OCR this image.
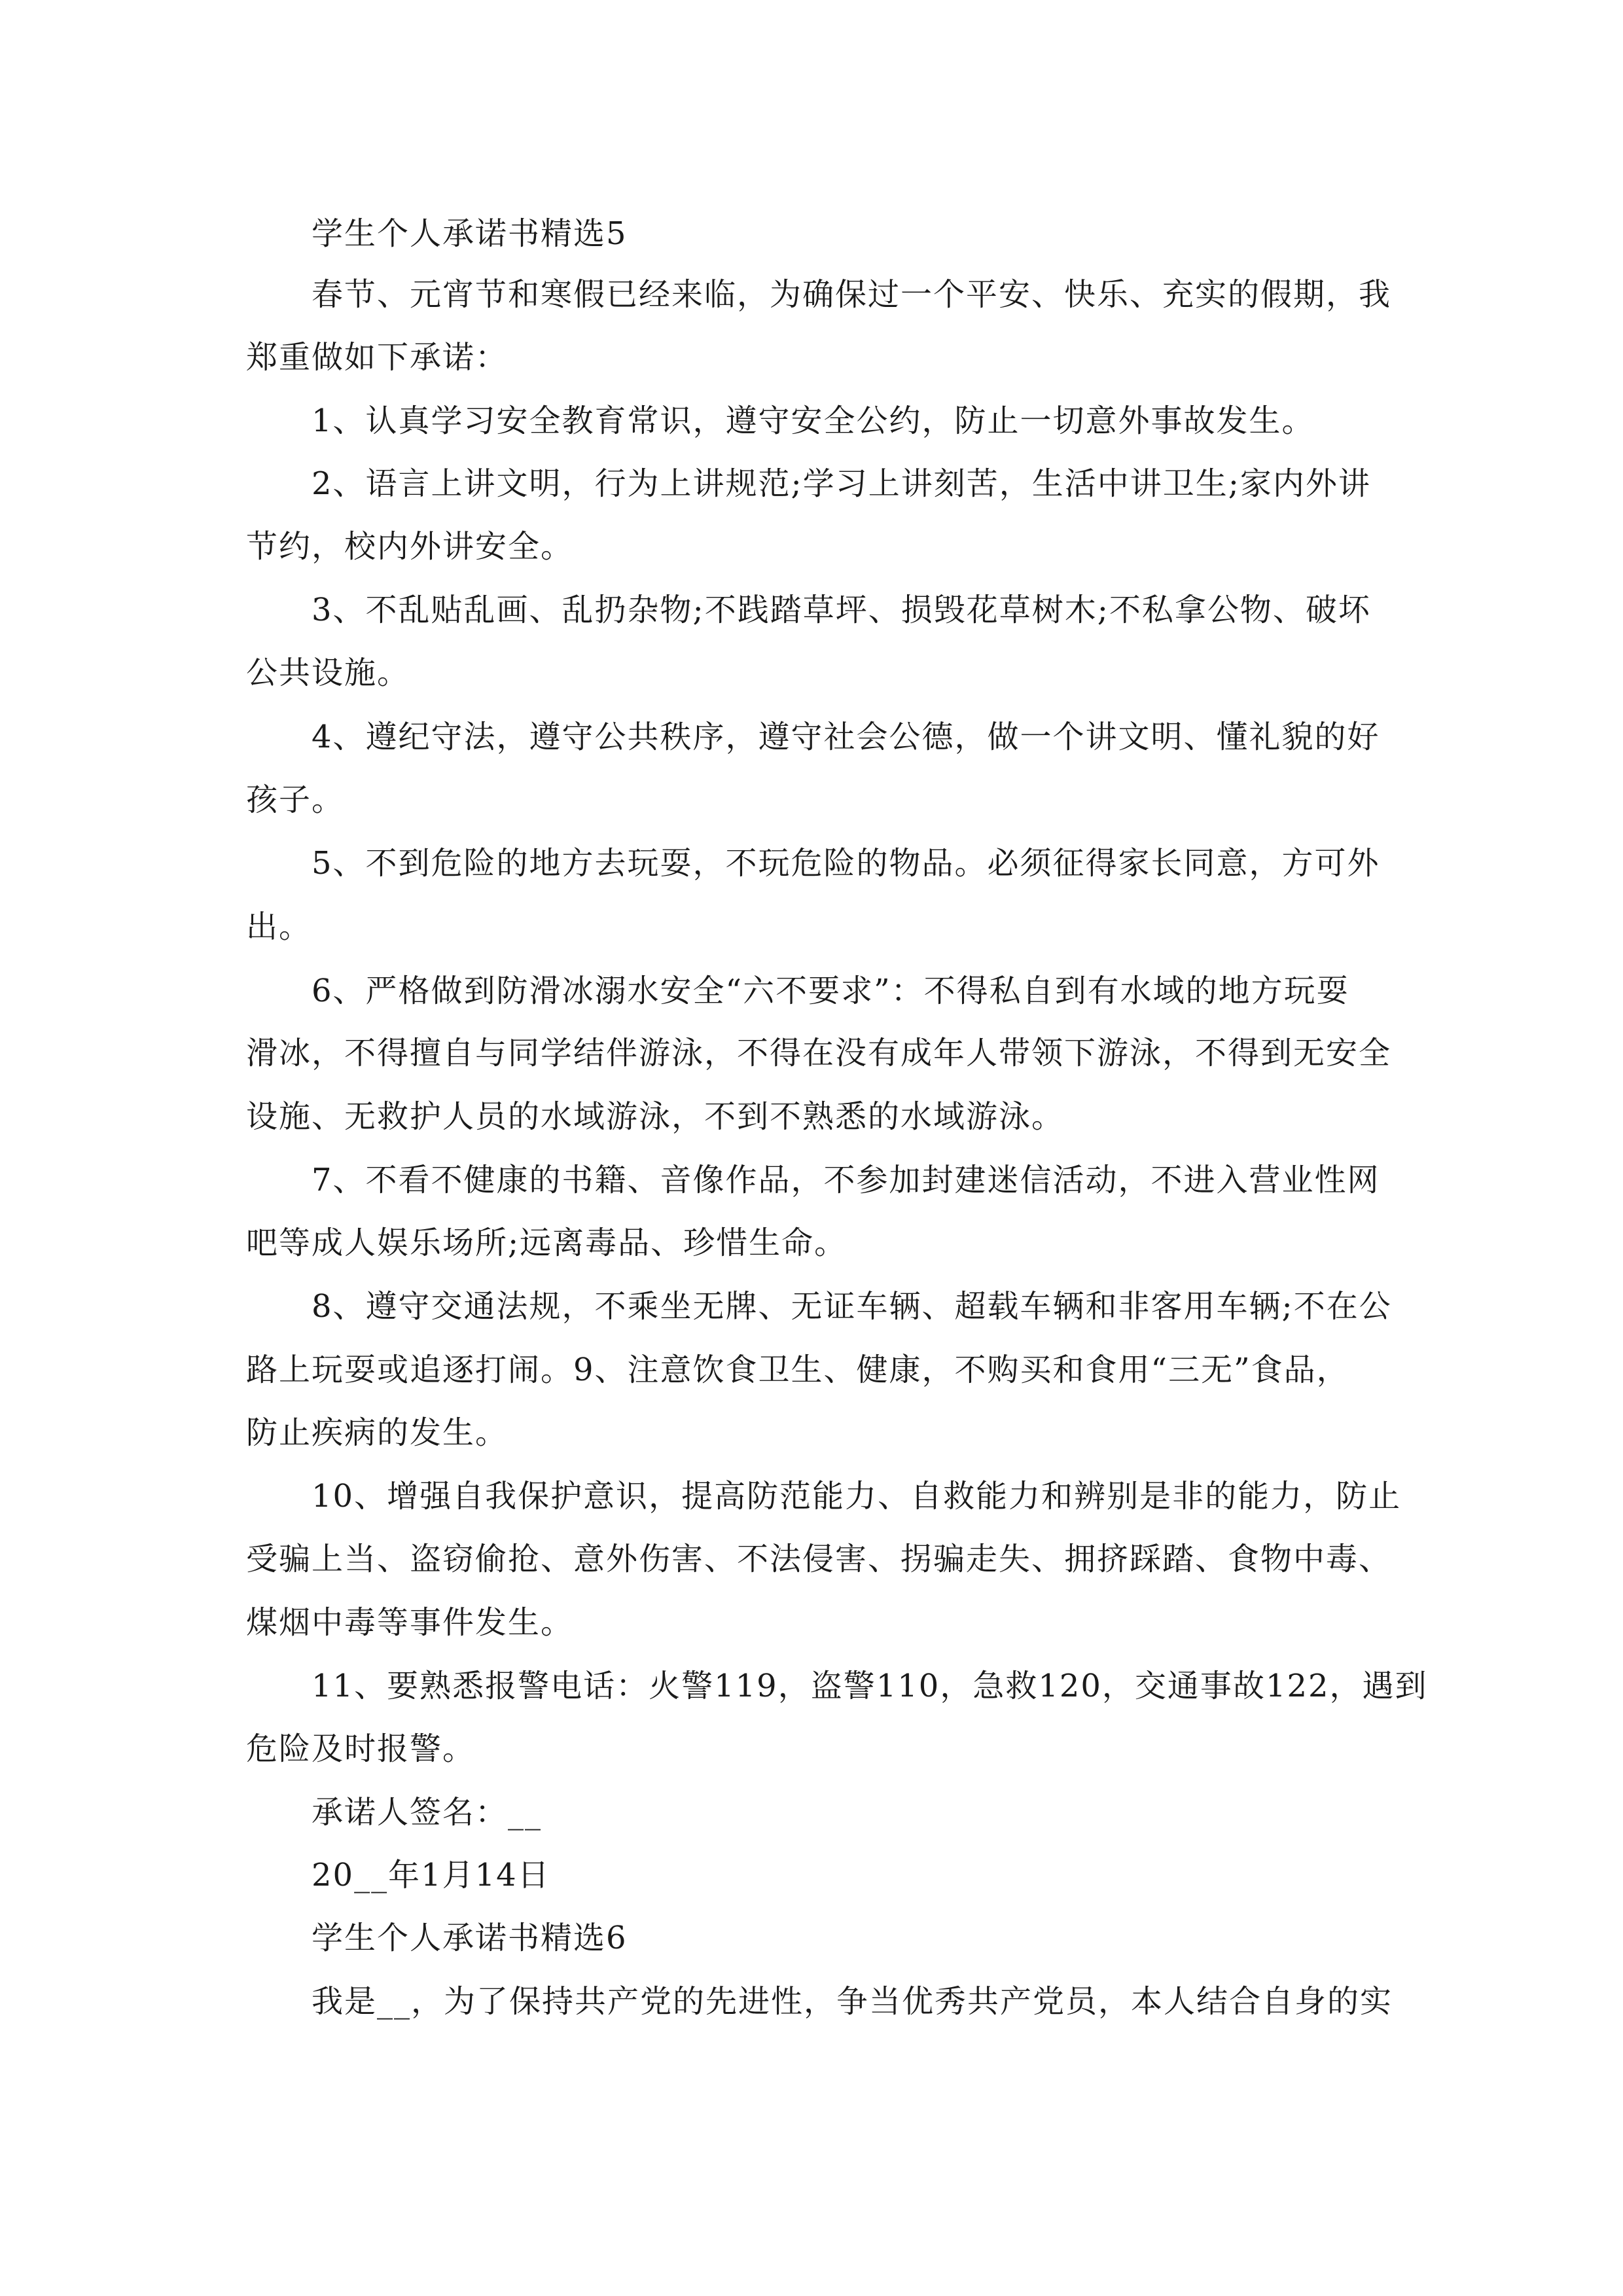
学生个人承诺书精选5
春节、元宵节和寒假已经来临，为确保过一个平安、快乐、充实的假期，我
郑重做如下承诺：
1、认真学习安全教育常识，遵守安全公约，防止一切意外事故发生。
2、语言上讲文明，行为上讲规范;学习上讲刻苦，生活中讲卫生;家内外讲
节约，校内外讲安全。
3、不乱贴乱画、乱扔杂物;不践踏草坪、损毁花草树木;不私拿公物、破坏
公共设施。
4、遵纪守法，遵守公共秩序，遵守社会公德，做一个讲文明、懂礼貌的好
孩子。
5、不到危险的地方去玩耍，不玩危险的物品。必须征得家长同意，方可外
出。
6、严格做到防滑冰溺水安全“六不要求”：不得私自到有水域的地方玩耍
滑冰，不得擅自与同学结伴游泳，不得在没有成年人带领下游泳，不得到无安全
设施、无救护人员的水域游泳，不到不熟悉的水域游泳。
7、不看不健康的书籍、音像作品，不参加封建迷信活动，不进入营业性网
吧等成人娱乐场所;远离毒品、珍惜生命。
8、遵守交通法规，不乘坐无牌、无证车辆、超载车辆和非客用车辆;不在公
路上玩耍或追逐打闹。9、注意饮食卫生、健康，不购买和食用“三无”食品，
防止疾病的发生。
10、增强自我保护意识，提高防范能力、自救能力和辨别是非的能力，防止
受骗上当、盗窃偷抢、意外伤害、不法侵害、拐骗走失、拥挤踩踏、食物中毒、
煤烟中毒等事件发生。
11、要熟悉报警电话：火警119，盗警110，急救120，交通事故122，遇到
危险及时报警。
承诺人签名：__
20__年1月14日
学生个人承诺书精选6
我是__，为了保持共产党的先进性，争当优秀共产党员，本人结合自身的实
